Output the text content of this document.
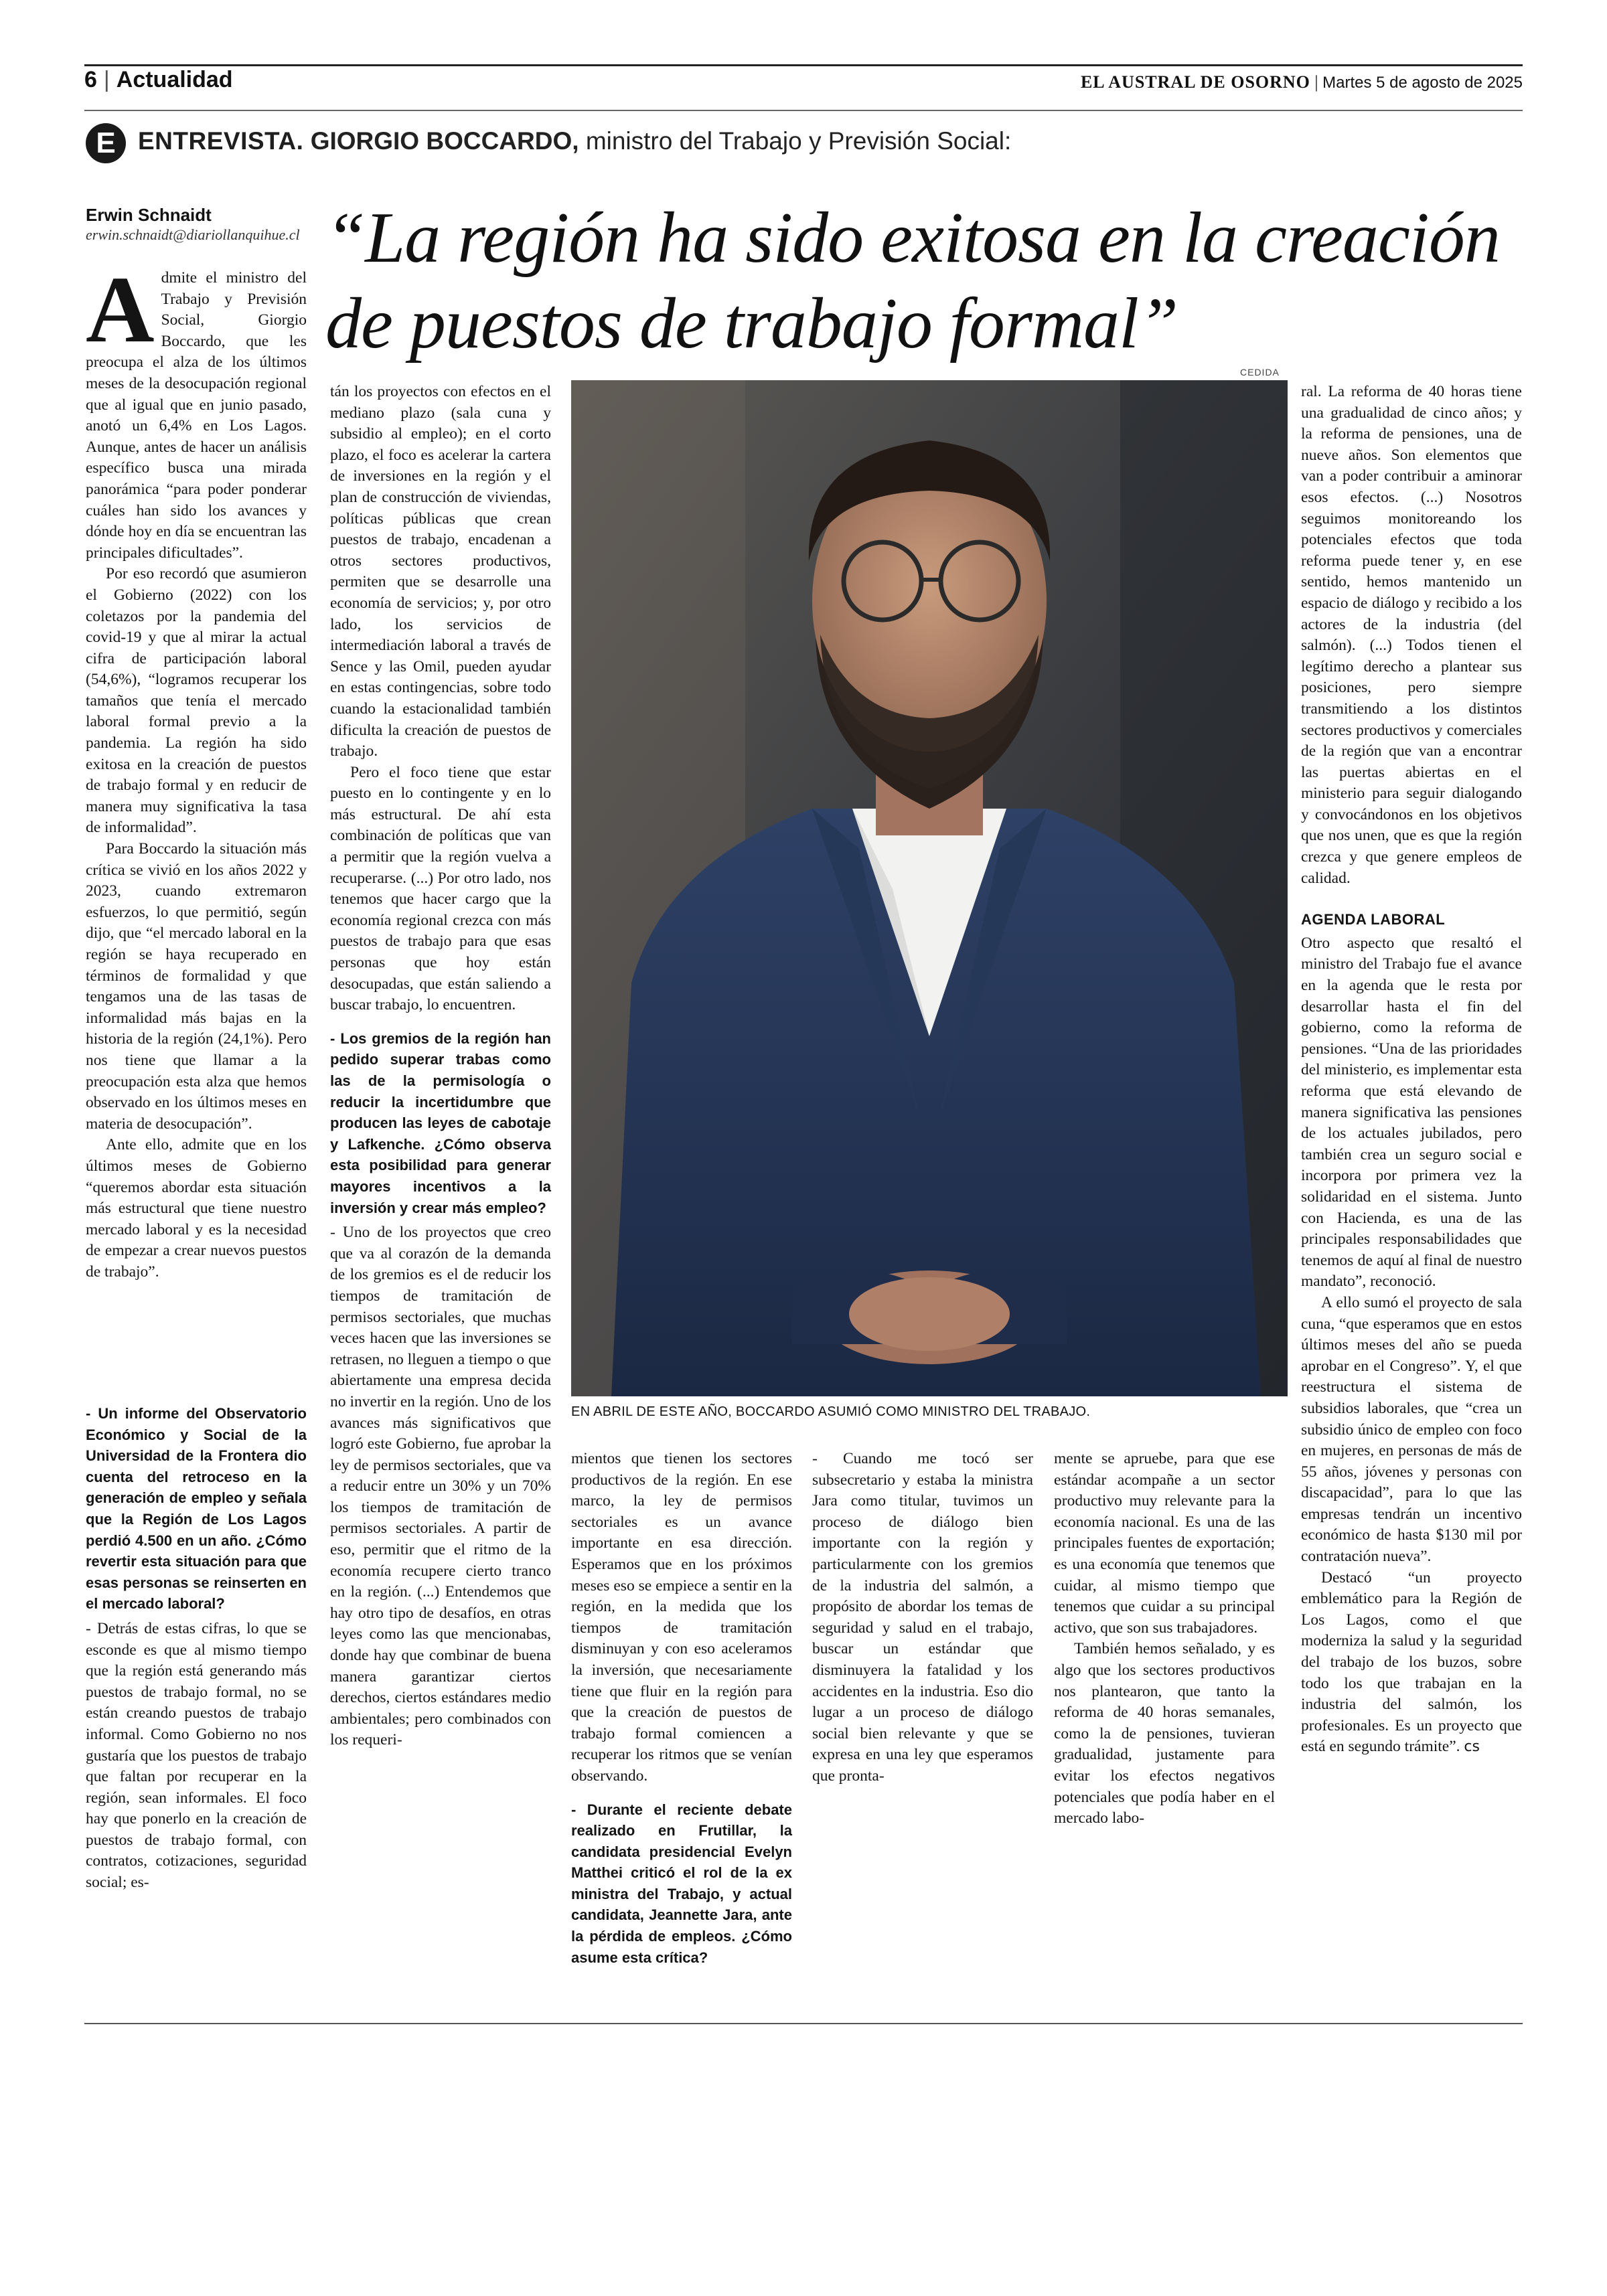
6 | Actualidad	EL AUSTRAL DE OSORNO | Martes 5 de agosto de 2025
E ENTREVISTA. GIORGIO BOCCARDO, ministro del Trabajo y Previsión Social:
Erwin Schnaidt
erwin.schnaidt@diariollanquihue.cl “La región ha sido exitosa en la creación de puestos de trabajo formal”
CEDIDA
EN ABRIL DE ESTE AÑO, BOCCARDO ASUMIÓ COMO MINISTRO DEL TRABAJO.

Admite el ministro del Trabajo y Previsión Social, Giorgio Boccardo, que les preocupa el alza de los últimos meses de la desocupación regional que al igual que en junio pasado, anotó un 6,4% en Los Lagos. Aunque, antes de hacer un análisis específico busca una mirada panorámica “para poder ponderar cuáles han sido los avances y dónde hoy en día se encuentran las principales dificultades”.

Por eso recordó que asumieron el Gobierno (2022) con los coletazos por la pandemia del covid-19 y que al mirar la actual cifra de participación laboral (54,6%), “logramos recuperar los tamaños que tenía el mercado laboral formal previo a la pandemia. La región ha sido exitosa en la creación de puestos de trabajo formal y en reducir de manera muy significativa la tasa de informalidad”.

Para Boccardo la situación más crítica se vivió en los años 2022 y 2023, cuando extremaron esfuerzos, lo que permitió, según dijo, que “el mercado laboral en la región se haya recuperado en términos de formalidad y que tengamos una de las tasas de informalidad más bajas en la historia de la región (24,1%). Pero nos tiene que llamar a la preocupación esta alza que hemos observado en los últimos meses en materia de desocupación”.

Ante ello, admite que en los últimos meses de Gobierno “queremos abordar esta situación más estructural que tiene nuestro mercado laboral y es la necesidad de empezar a crear nuevos puestos de trabajo”.

- Un informe del Observatorio Económico y Social de la Universidad de la Frontera dio cuenta del retroceso en la generación de empleo y señala que la Región de Los Lagos perdió 4.500 en un año. ¿Cómo revertir esta situación para que esas personas se reinserten en el mercado laboral?

- Detrás de estas cifras, lo que se esconde es que al mismo tiempo que la región está generando más puestos de trabajo formal, no se están creando puestos de trabajo informal. Como Gobierno no nos gustaría que los puestos de trabajo que faltan por recuperar en la región, sean informales. El foco hay que ponerlo en la creación de puestos de trabajo formal, con contratos, cotizaciones, seguridad social; es-

tán los proyectos con efectos en el mediano plazo (sala cuna y subsidio al empleo); en el corto plazo, el foco es acelerar la cartera de inversiones en la región y el plan de construcción de viviendas, políticas públicas que crean puestos de trabajo, encadenan a otros sectores productivos, permiten que se desarrolle una economía de servicios; y, por otro lado, los servicios de intermediación laboral a través de Sence y las Omil, pueden ayudar en estas contingencias, sobre todo cuando la estacionalidad también dificulta la creación de puestos de trabajo.

Pero el foco tiene que estar puesto en lo contingente y en lo más estructural. De ahí esta combinación de políticas que van a permitir que la región vuelva a recuperarse. (...) Por otro lado, nos tenemos que hacer cargo que la economía regional crezca con más puestos de trabajo para que esas personas que hoy están desocupadas, que están saliendo a buscar trabajo, lo encuentren.

- Los gremios de la región han pedido superar trabas como las de la permisología o reducir la incertidumbre que producen las leyes de cabotaje y Lafkenche. ¿Cómo observa esta posibilidad para generar mayores incentivos a la inversión y crear más empleo?

- Uno de los proyectos que creo que va al corazón de la demanda de los gremios es el de reducir los tiempos de tramitación de permisos sectoriales, que muchas veces hacen que las inversiones se retrasen, no lleguen a tiempo o que abiertamente una empresa decida no invertir en la región. Uno de los avances más significativos que logró este Gobierno, fue aprobar la ley de permisos sectoriales, que va a reducir entre un 30% y un 70% los tiempos de tramitación de permisos sectoriales. A partir de eso, permitir que el ritmo de la economía recupere cierto tranco en la región. (...) Entendemos que hay otro tipo de desafíos, en otras leyes como las que mencionabas, donde hay que combinar de buena manera garantizar ciertos derechos, ciertos estándares medio ambientales; pero combinados con los requeri-

mientos que tienen los sectores productivos de la región. En ese marco, la ley de permisos sectoriales es un avance importante en esa dirección. Esperamos que en los próximos meses eso se empiece a sentir en la región, en la medida que los tiempos de tramitación disminuyan y con eso aceleramos la inversión, que necesariamente tiene que fluir en la región para que la creación de puestos de trabajo formal comiencen a recuperar los ritmos que se venían observando.

- Durante el reciente debate realizado en Frutillar, la candidata presidencial Evelyn Matthei criticó el rol de la ex ministra del Trabajo, y actual candidata, Jeannette Jara, ante la pérdida de empleos. ¿Cómo asume esta crítica?

- Cuando me tocó ser subsecretario y estaba la ministra Jara como titular, tuvimos un proceso de diálogo bien importante con la región y particularmente con los gremios de la industria del salmón, a propósito de abordar los temas de seguridad y salud en el trabajo, buscar un estándar que disminuyera la fatalidad y los accidentes en la industria. Eso dio lugar a un proceso de diálogo social bien relevante y que se expresa en una ley que esperamos que pronta-

mente se apruebe, para que ese estándar acompañe a un sector productivo muy relevante para la economía nacional. Es una de las principales fuentes de exportación; es una economía que tenemos que cuidar, al mismo tiempo que tenemos que cuidar a su principal activo, que son sus trabajadores.

También hemos señalado, y es algo que los sectores productivos nos plantearon, que tanto la reforma de 40 horas semanales, como la de pensiones, tuvieran gradualidad, justamente para evitar los efectos negativos potenciales que podía haber en el mercado labo-

ral. La reforma de 40 horas tiene una gradualidad de cinco años; y la reforma de pensiones, una de nueve años. Son elementos que van a poder contribuir a aminorar esos efectos. (...) Nosotros seguimos monitoreando los potenciales efectos que toda reforma puede tener y, en ese sentido, hemos mantenido un espacio de diálogo y recibido a los actores de la industria (del salmón). (...) Todos tienen el legítimo derecho a plantear sus posiciones, pero siempre transmitiendo a los distintos sectores productivos y comerciales de la región que van a encontrar las puertas abiertas en el ministerio para seguir dialogando y convocándonos en los objetivos que nos unen, que es que la región crezca y que genere empleos de calidad.

AGENDA LABORAL

Otro aspecto que resaltó el ministro del Trabajo fue el avance en la agenda que le resta por desarrollar hasta el fin del gobierno, como la reforma de pensiones. “Una de las prioridades del ministerio, es implementar esta reforma que está elevando de manera significativa las pensiones de los actuales jubilados, pero también crea un seguro social e incorpora por primera vez la solidaridad en el sistema. Junto con Hacienda, es una de las principales responsabilidades que tenemos de aquí al final de nuestro mandato”, reconoció.

A ello sumó el proyecto de sala cuna, “que esperamos que en estos últimos meses del año se pueda aprobar en el Congreso”. Y, el que reestructura el sistema de subsidios laborales, que “crea un subsidio único de empleo con foco en mujeres, en personas de más de 55 años, jóvenes y personas con discapacidad”, para lo que las empresas tendrán un incentivo económico de hasta $130 mil por contratación nueva”.

Destacó “un proyecto emblemático para la Región de Los Lagos, como el que moderniza la salud y la seguridad del trabajo de los buzos, sobre todo los que trabajan en la industria del salmón, los profesionales. Es un proyecto que está en segundo trámite”. cs
